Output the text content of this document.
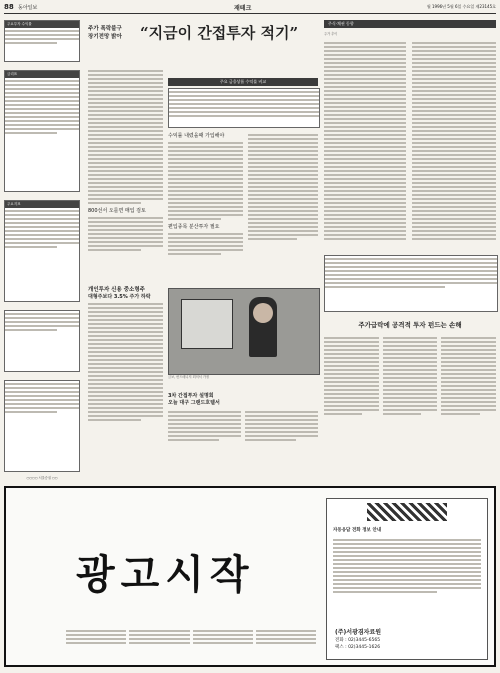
88 동아일보	재테크	월 1996년 5월 6일 수요일 제23145호
주요투자 수익률
금리표
주요지표
○○○○ 서울증권 ○○
주가 폭락불구
장기전망 밝아 “지금이 간접투자 적기”
800선서 오를면 매입 검토
주요 금융상품 수익률 비교
수익률 내렸을때 가입해야
편입종목 분산투자 필요
개인투자 신용 중소형주
대형주보다 3.5% 주가 하락
금보, 펀드매니저 회의서 가정
3차 간접투자 설명회
오늘 대구 그랜드호텔서
주식·채권 동향
주가 추이
주가급락에 공격적 투자 펀드는 손해
광고시작
자동응답 전화 정보 안내
(주)서광겸자료원
전화 : 02)3445-6565
팩스 : 02)3445-1626
